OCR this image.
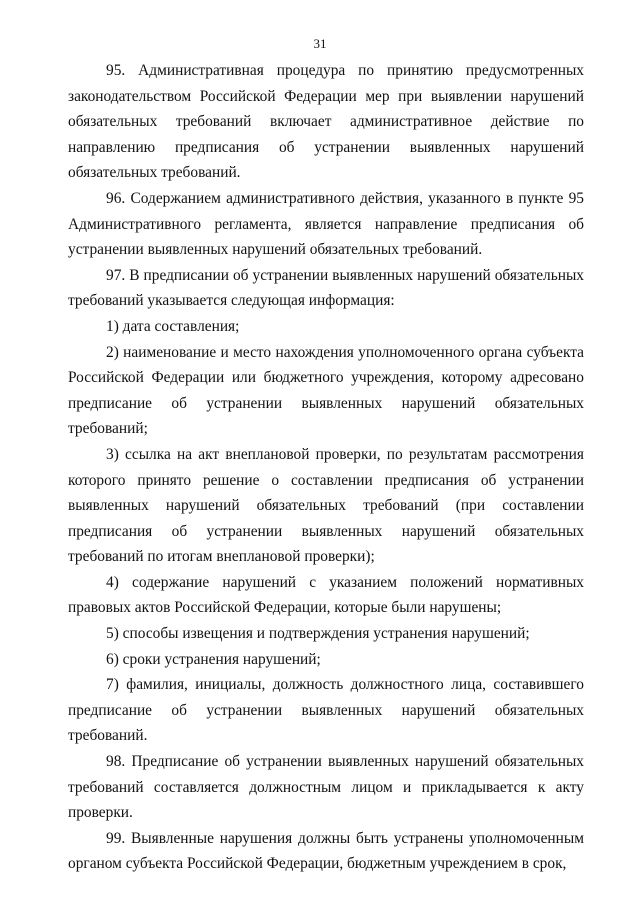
31

95. Административная процедура по принятию предусмотренных законодательством Российской Федерации мер при выявлении нарушений обязательных требований включает административное действие по направлению предписания об устранении выявленных нарушений обязательных требований.

96. Содержанием административного действия, указанного в пункте 95 Административного регламента, является направление предписания об устранении выявленных нарушений обязательных требований.

97. В предписании об устранении выявленных нарушений обязательных требований указывается следующая информация:

1) дата составления;

2) наименование и место нахождения уполномоченного органа субъекта Российской Федерации или бюджетного учреждения, которому адресовано предписание об устранении выявленных нарушений обязательных требований;

3) ссылка на акт внеплановой проверки, по результатам рассмотрения которого принято решение о составлении предписания об устранении выявленных нарушений обязательных требований (при составлении предписания об устранении выявленных нарушений обязательных требований по итогам внеплановой проверки);

4) содержание нарушений с указанием положений нормативных правовых актов Российской Федерации, которые были нарушены;

5) способы извещения и подтверждения устранения нарушений;

6) сроки устранения нарушений;

7) фамилия, инициалы, должность должностного лица, составившего предписание об устранении выявленных нарушений обязательных требований.

98. Предписание об устранении выявленных нарушений обязательных требований составляется должностным лицом и прикладывается к акту проверки.

99. Выявленные нарушения должны быть устранены уполномоченным органом субъекта Российской Федерации, бюджетным учреждением в срок,
